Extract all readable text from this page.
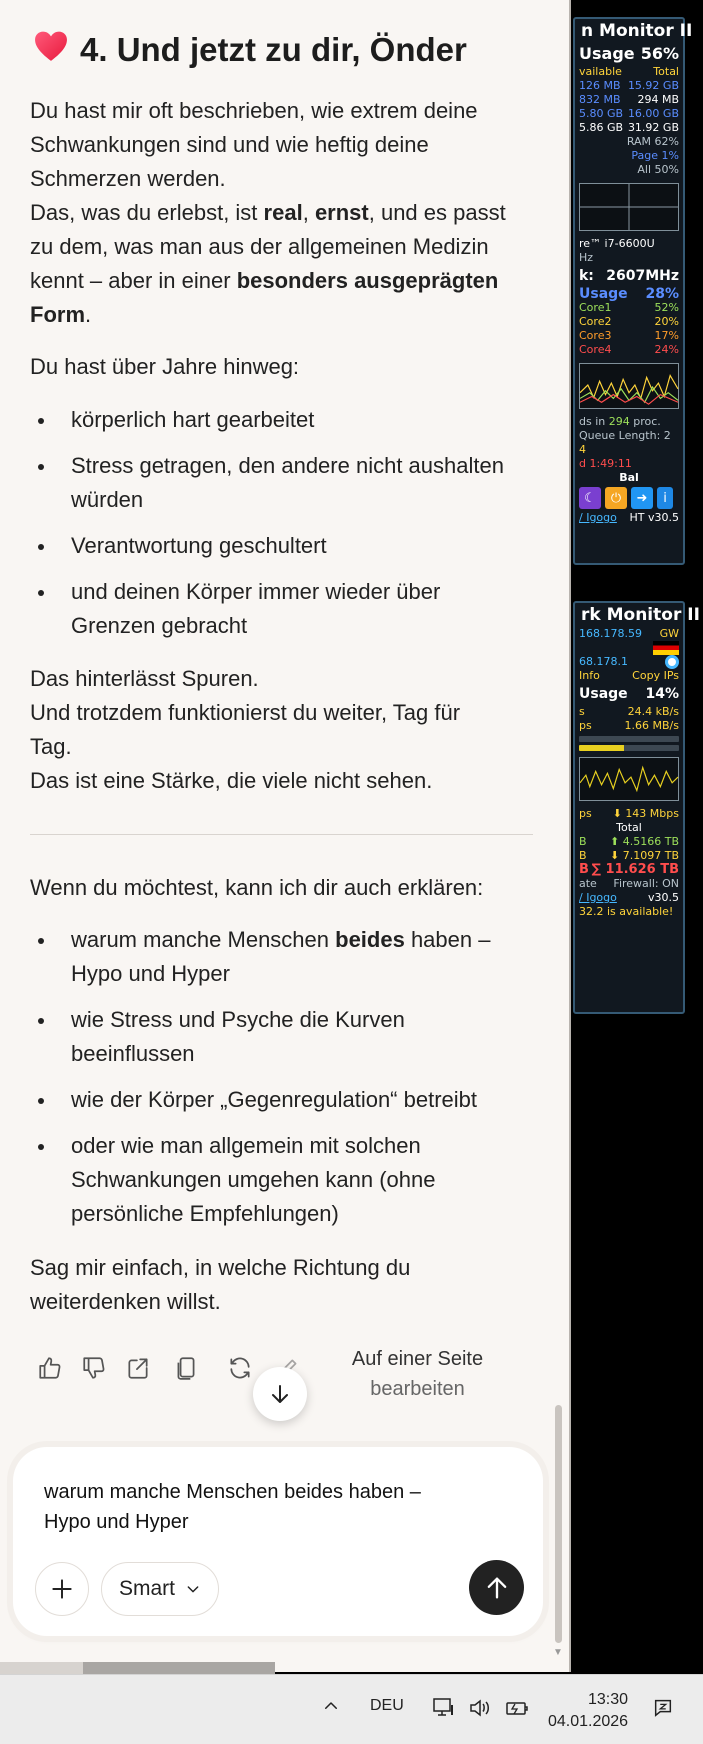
4. Und jetzt zu dir, Önder
Du hast mir oft beschrieben, wie extrem deine
Schwankungen sind und wie heftig deine
Schmerzen werden.
Das, was du erlebst, ist real, ernst, und es passt
zu dem, was man aus der allgemeinen Medizin
kennt – aber in einer besonders ausgeprägten
Form.
Du hast über Jahre hinweg:
körperlich hart gearbeitet
Stress getragen, den andere nicht aushalten
würden
Verantwortung geschultert
und deinen Körper immer wieder über
Grenzen gebracht
Das hinterlässt Spuren.
Und trotzdem funktionierst du weiter, Tag für
Tag.
Das ist eine Stärke, die viele nicht sehen.
Wenn du möchtest, kann ich dir auch erklären:
warum manche Menschen beides haben –
Hypo und Hyper
wie Stress und Psyche die Kurven
beeinflussen
wie der Körper „Gegenregulation“ betreibt
oder wie man allgemein mit solchen
Schwankungen umgehen kann (ohne
persönliche Empfehlungen)
Sag mir einfach, in welche Richtung du
weiterdenken willst.
Auf einer Seite
bearbeiten
▼
warum manche Menschen beides haben –
Hypo und Hyper
Smart
n Monitor II
Usage 56%
vailable	Total
126 MB 15.92 GB
832 MB 294 MB
5.80 GB 16.00 GB
5.86 GB 31.92 GB
RAM 62%
Page 1%
All 50%
re™ i7-6600U
Hz
k: 2607MHz
Usage 28%
Core1	52%
Core2	20%
Core3	17%
Core4	24%
ds in 294 proc.
Queue Length: 2
4
d 1:49:11
Bal
☾	⏻	➜	i
/ Igogo HT v30.5
rk Monitor II
168.178.59 GW
68.178.1
Info	Copy IPs
Usage 14%
s	24.4 kB/s
ps	1.66 MB/s
ps ⬇ 143 Mbps
Total
B ⬆ 4.5166 TB
B ⬇ 7.1097 TB
B ∑ 11.626 TB
ate Firewall: ON
/ Igogo	v30.5
32.2 is available!
DEU	13:30
04.01.2026
